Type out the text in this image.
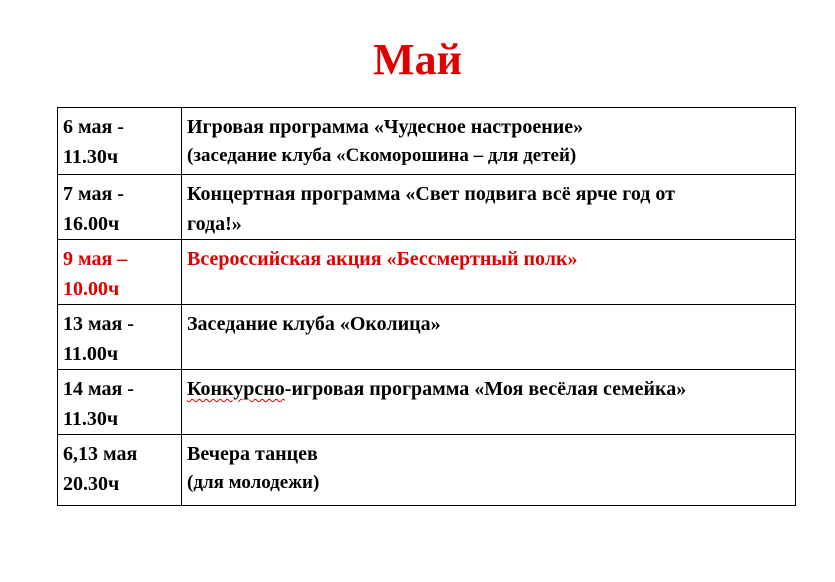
Май
6 мая -
11.30ч	Игровая программа «Чудесное настроение»
(заседание клуба «Скоморошина – для детей)

7 мая -
16.00ч	Концертная программа «Свет подвига всё ярче год от
года!»

9 мая –
10.00ч	Всероссийская акция «Бессмертный полк»

13 мая -
11.00ч	Заседание клуба «Околица»

14 мая -
11.30ч	Конкурсно-игровая программа «Моя весёлая семейка»

6,13 мая
20.30ч	Вечера танцев
(для молодежи)
